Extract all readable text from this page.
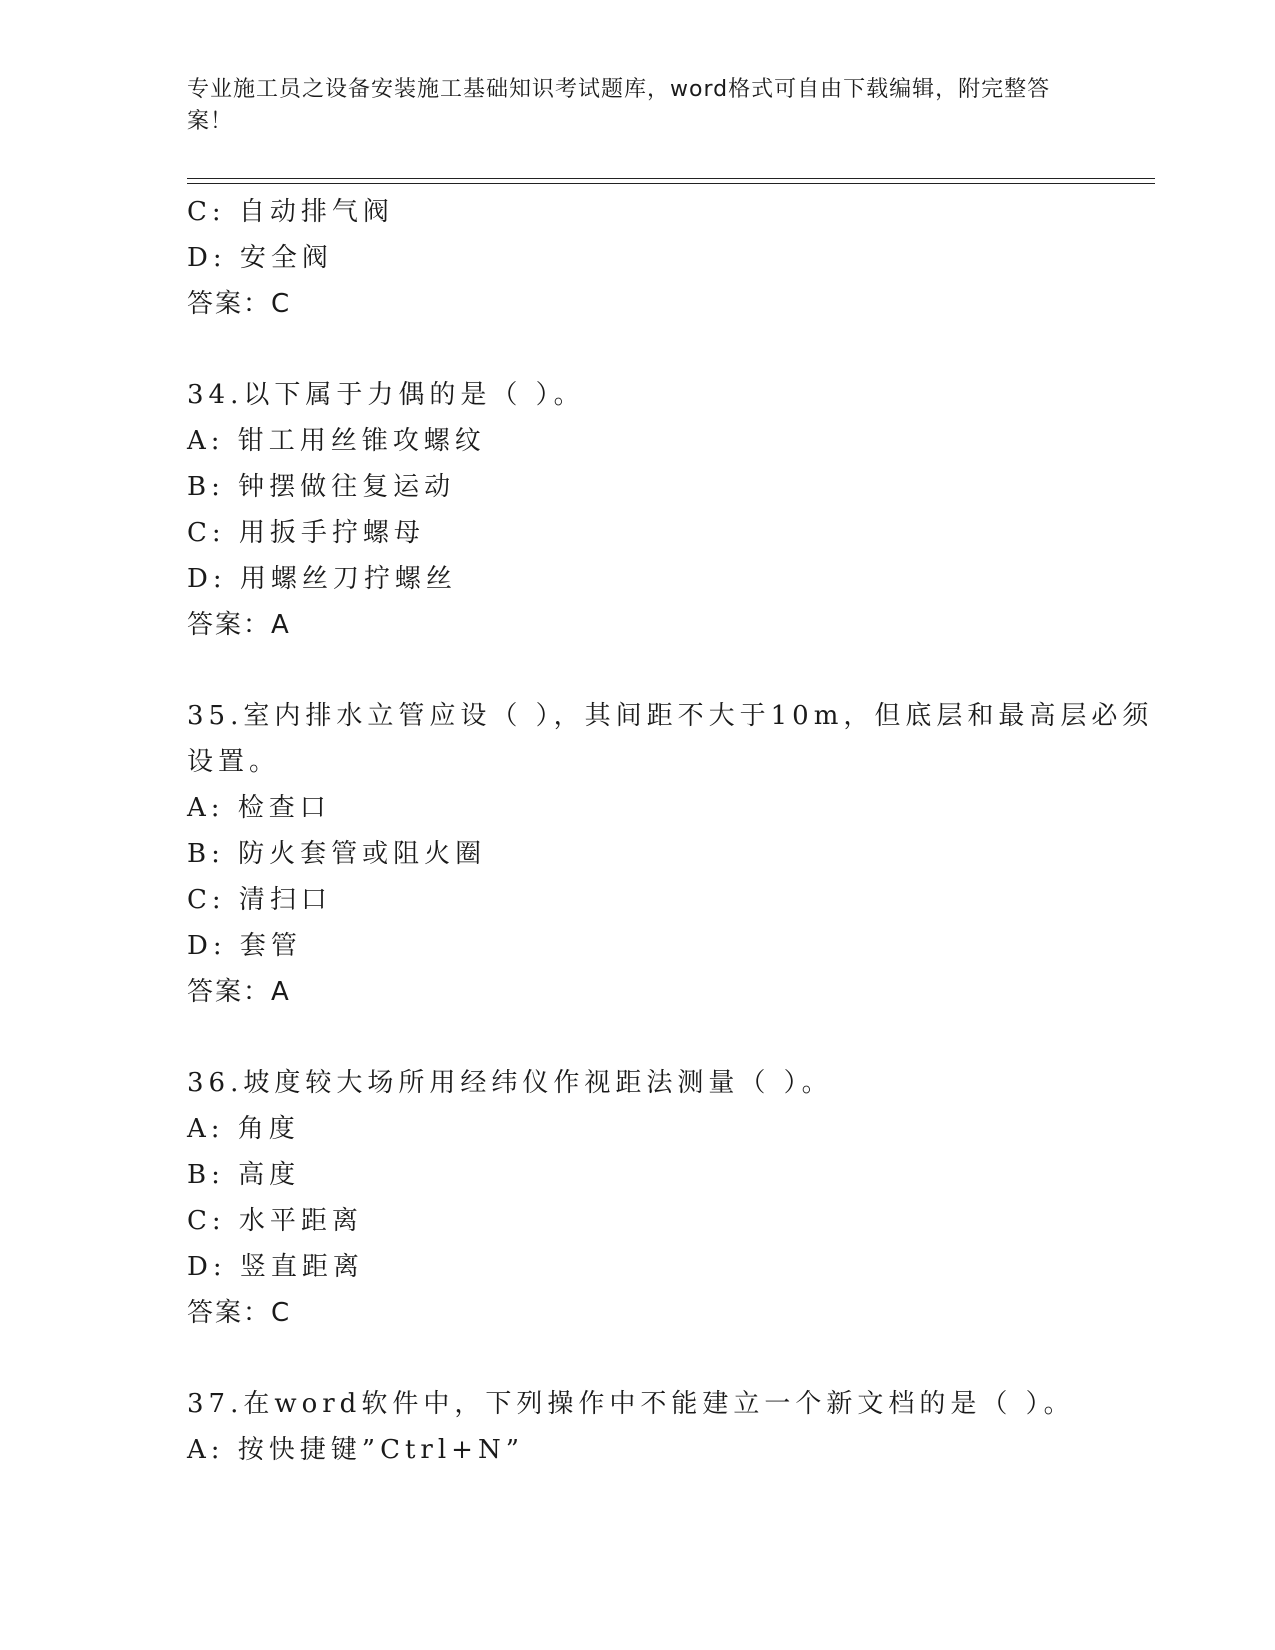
专业施工员之设备安装施工基础知识考试题库，word格式可自由下载编辑，附完整答案！
C: 自动排气阀
D: 安全阀
答案：C
34.以下属于力偶的是（ ）。
A: 钳工用丝锥攻螺纹
B: 钟摆做往复运动
C: 用扳手拧螺母
D: 用螺丝刀拧螺丝
答案：A
35.室内排水立管应设（ ），其间距不大于10m，但底层和最高层必须
设置。
A: 检查口
B: 防火套管或阻火圈
C: 清扫口
D: 套管
答案：A
36.坡度较大场所用经纬仪作视距法测量（ ）。
A: 角度
B: 高度
C: 水平距离
D: 竖直距离
答案：C
37.在word软件中，下列操作中不能建立一个新文档的是（ ）。
A: 按快捷键”Ctrl+N”
